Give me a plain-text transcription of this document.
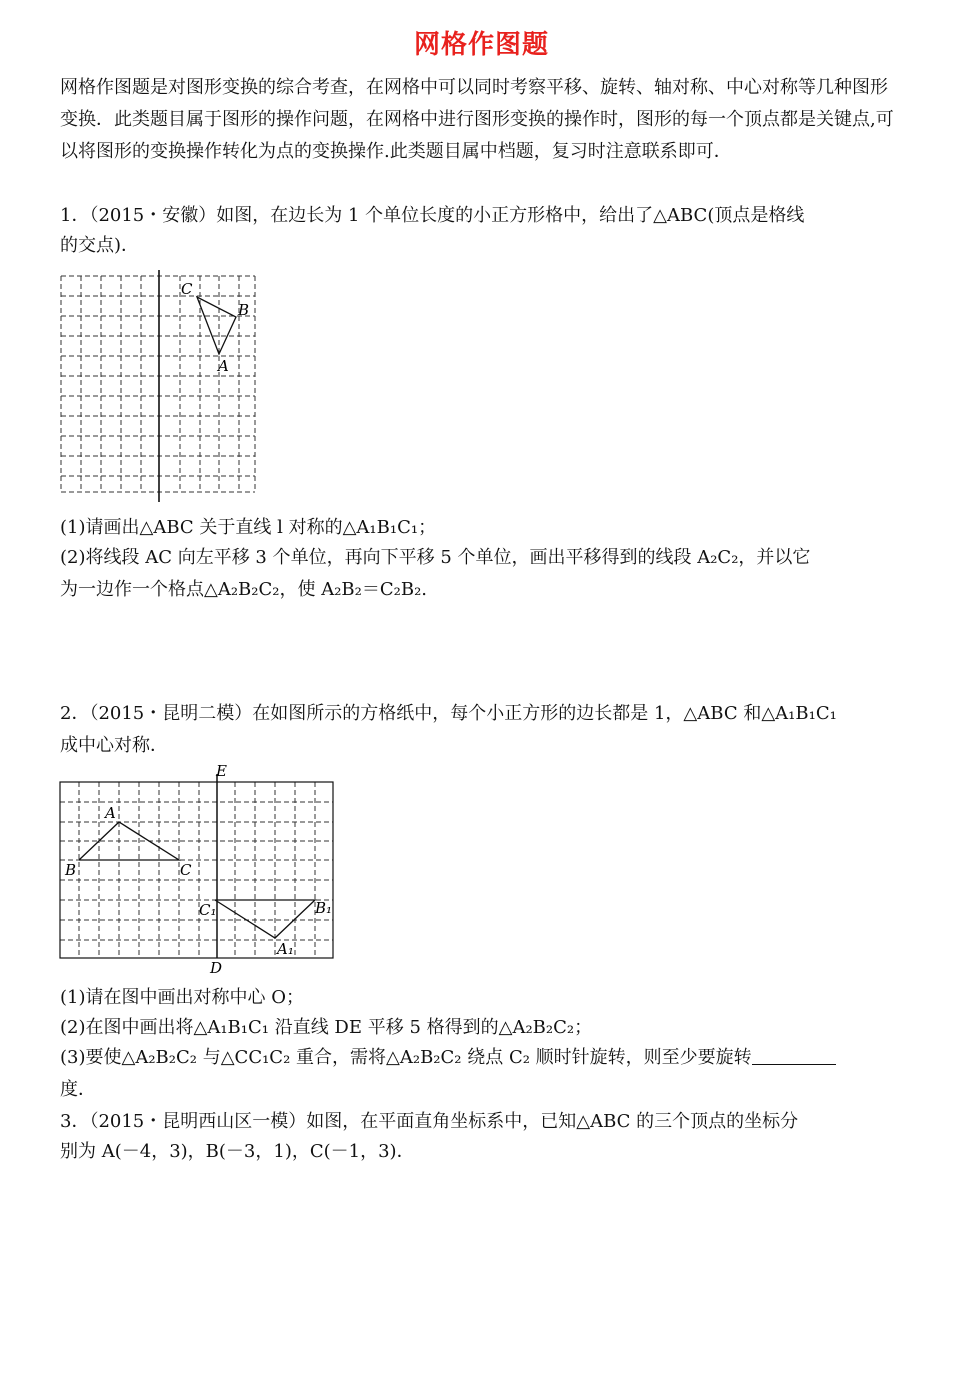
网格作图题

网格作图题是对图形变换的综合考查，在网格中可以同时考察平移、旋转、轴对称、中心对称等几种图形变换．此类题目属于图形的操作问题，在网格中进行图形变换的操作时，图形的每一个顶点都是关键点,可以将图形的变换操作转化为点的变换操作.此类题目属中档题，复习时注意联系即可．

1．（2015・安徽）如图，在边长为 1 个单位长度的小正方形格中，给出了△ABC(顶点是格线
的交点)．
C
B
A
(1)请画出△ABC 关于直线 l 对称的△A₁B₁C₁；
(2)将线段 AC 向左平移 3 个单位，再向下平移 5 个单位，画出平移得到的线段 A₂C₂，并以它
为一边作一个格点△A₂B₂C₂，使 A₂B₂＝C₂B₂.
2．（2015・昆明二模）在如图所示的方格纸中，每个小正方形的边长都是 1，△ABC 和△A₁B₁C₁
成中心对称．
E
A
B	C
C₁	B₁
A₁
D
(1)请在图中画出对称中心 O；
(2)在图中画出将△A₁B₁C₁ 沿直线 DE 平移 5 格得到的△A₂B₂C₂；
(3)要使△A₂B₂C₂ 与△CC₁C₂ 重合，需将△A₂B₂C₂ 绕点 C₂ 顺时针旋转，则至少要旋转
度．
3．（2015・昆明西山区一模）如图，在平面直角坐标系中，已知△ABC 的三个顶点的坐标分
别为 A(－4，3)，B(－3，1)，C(－1，3)．
